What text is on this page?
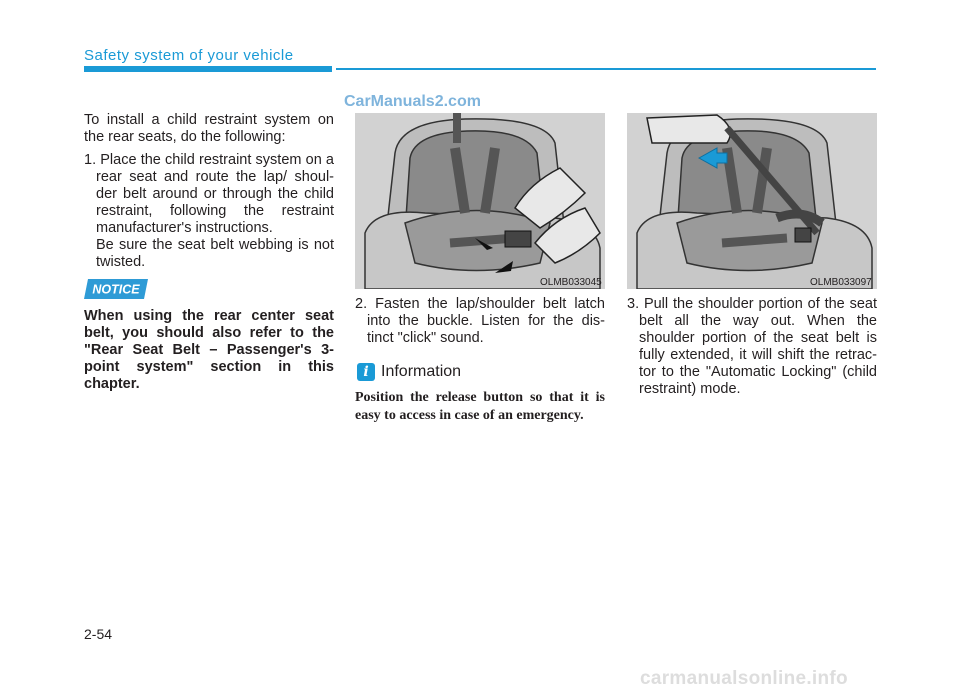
Safety system of your vehicle
CarManuals2.com

To install a child restraint system on the rear seats, do the following:

1. Place the child restraint system on a rear seat and route the lap/ shoul-der belt around or through the child restraint, following the restraint manufacturer's instructions.

Be sure the seat belt webbing is not twisted.

NOTICE
When using the rear center seat belt, you should also refer to the "Rear Seat Belt – Passenger's 3-point system" section in this chapter.
OLMB033045	OLMB033097

2. Fasten the lap/shoulder belt latch into the buckle. Listen for the dis-tinct "click" sound.

i Information
Position the release button so that it is easy to access in case of an emergency.

3. Pull the shoulder portion of the seat belt all the way out. When the shoulder portion of the seat belt is fully extended, it will shift the retrac-tor to the "Automatic Locking" (child restraint) mode.

2-54
carmanualsonline.info
